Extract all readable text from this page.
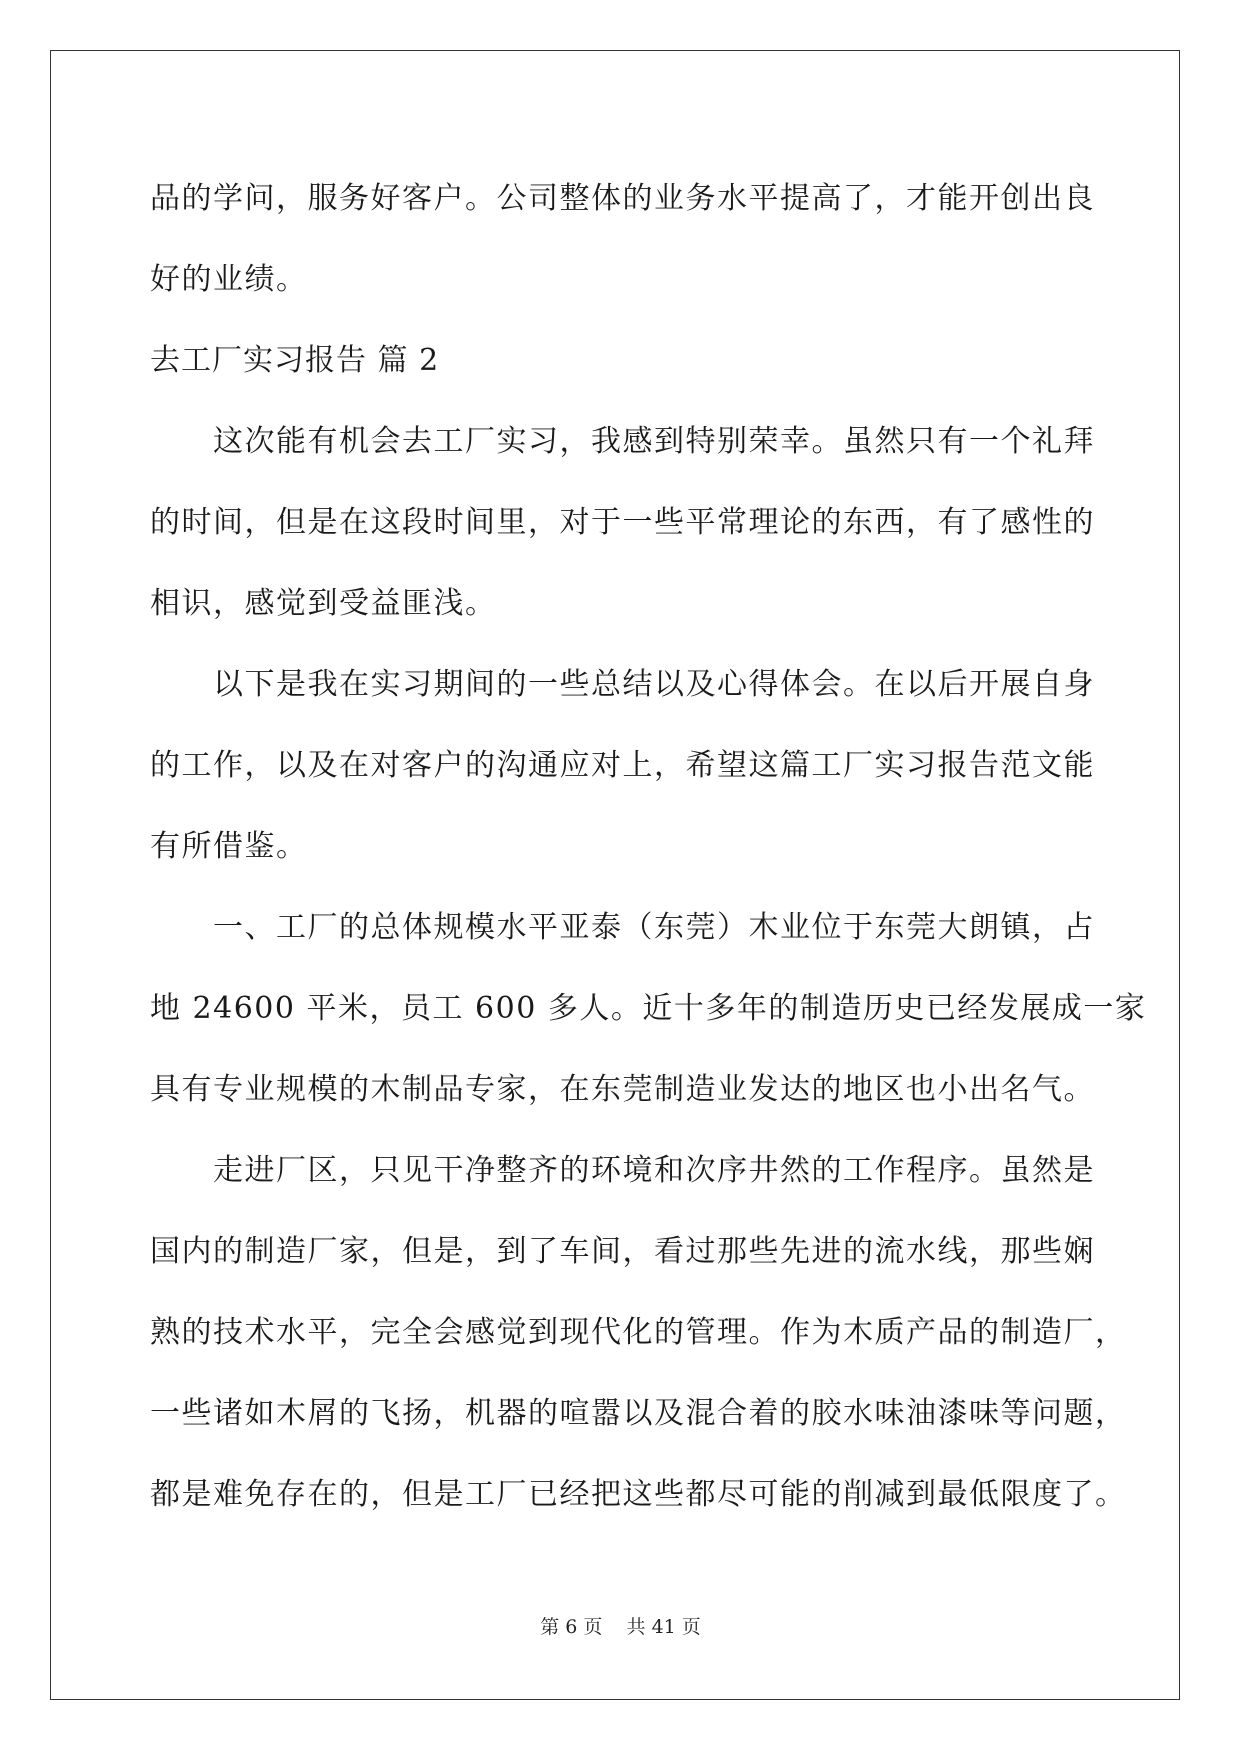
品的学问，服务好客户。公司整体的业务水平提高了，才能开创出良
好的业绩。
去工厂实习报告 篇 2
这次能有机会去工厂实习，我感到特别荣幸。虽然只有一个礼拜
的时间，但是在这段时间里，对于一些平常理论的东西，有了感性的
相识，感觉到受益匪浅。
以下是我在实习期间的一些总结以及心得体会。在以后开展自身
的工作，以及在对客户的沟通应对上，希望这篇工厂实习报告范文能
有所借鉴。
一、工厂的总体规模水平亚泰（东莞）木业位于东莞大朗镇，占
地 24600 平米，员工 600 多人。近十多年的制造历史已经发展成一家
具有专业规模的木制品专家，在东莞制造业发达的地区也小出名气。
走进厂区，只见干净整齐的环境和次序井然的工作程序。虽然是
国内的制造厂家，但是，到了车间，看过那些先进的流水线，那些娴
熟的技术水平，完全会感觉到现代化的管理。作为木质产品的制造厂，
一些诸如木屑的飞扬，机器的喧嚣以及混合着的胶水味油漆味等问题，
都是难免存在的，但是工厂已经把这些都尽可能的削减到最低限度了。
第 6 页 共 41 页
